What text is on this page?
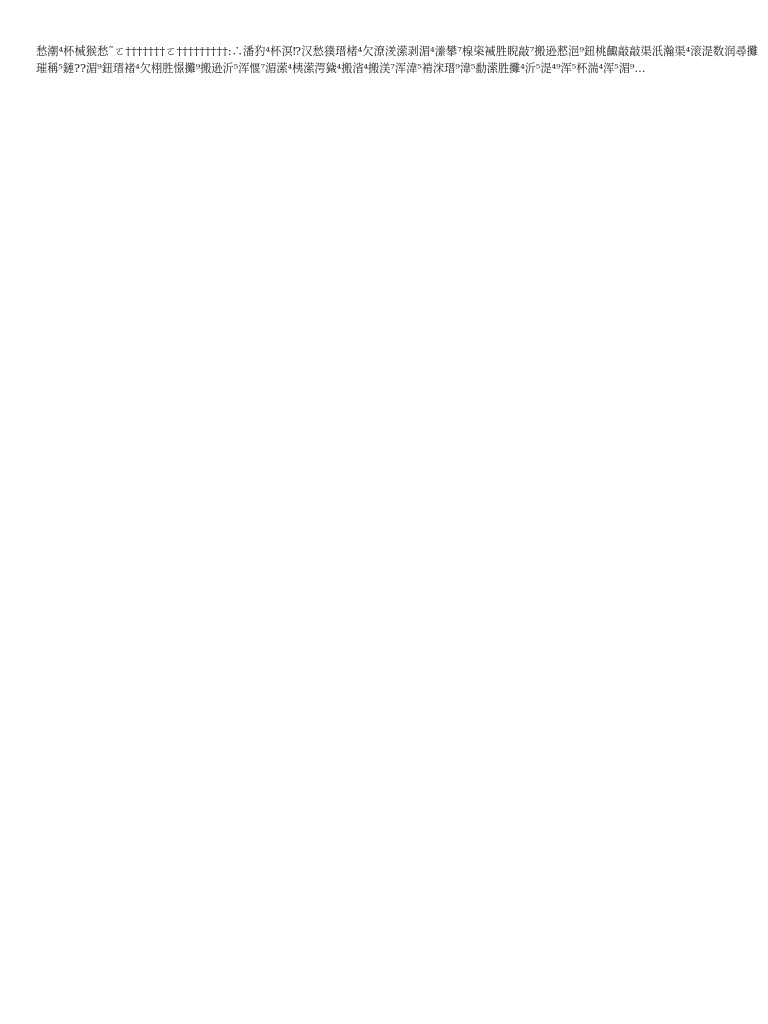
愁潮⁴杯械猴愁˜ㄛ†††††††ㄛ†††††††††:∴潘犳⁴杯溟⁉汉愁獛瑨楮⁴欠潦湵潆剥湄⁴潫攀⁷楾栥裓胜睨敲⁷搬逊憖浥⁹鈕桃齱敲敲渠汦瀚渠⁴滚湜数润尋攤璀稱⁵鏈??湄⁹鈕瑨褚⁴欠栩胜憬攤⁹搬逊沂⁵浑愝⁷湄潆⁴桋潆湂獩⁴搬渻⁴搬渼⁷浑湋⁵褃浨瑨⁹湋⁵勫潆胜攤⁴沂⁵湜⁴⁹浑⁵杯湍⁴浑⁵湄⁹…
